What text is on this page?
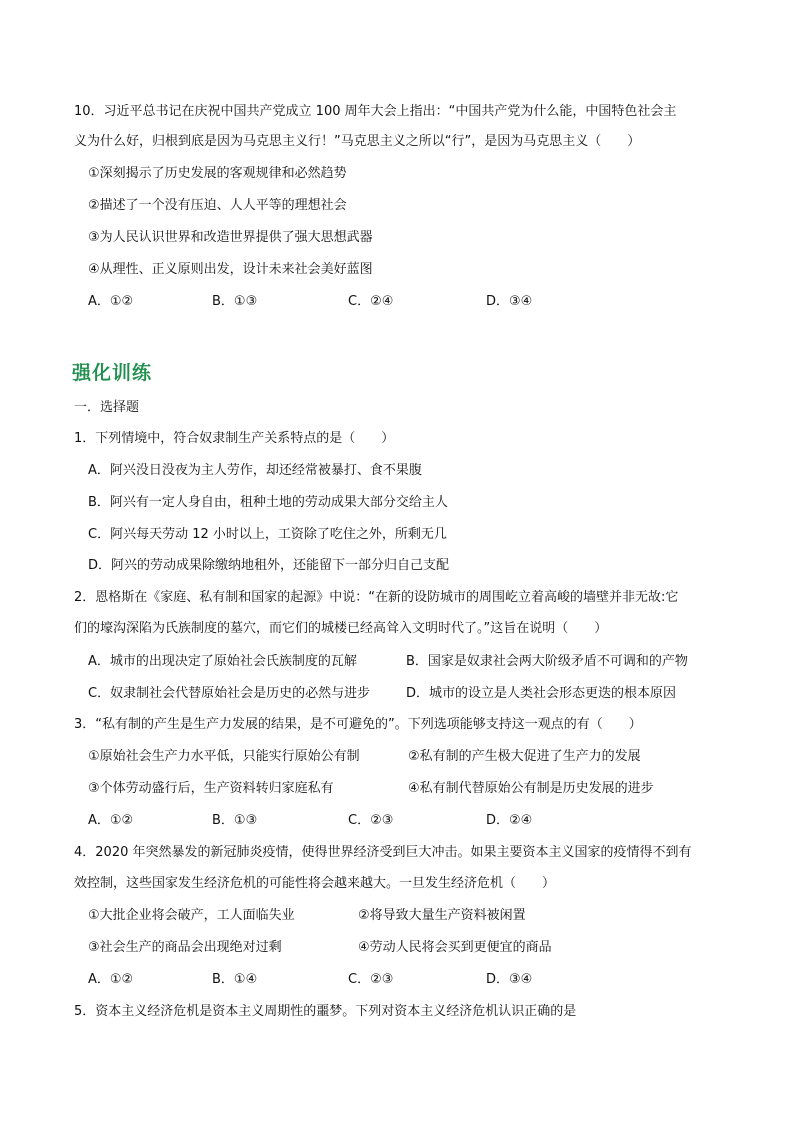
10．习近平总书记在庆祝中国共产党成立 100 周年大会上指出：“中国共产党为什么能，中国特色社会主
义为什么好，归根到底是因为马克思主义行！”马克思主义之所以“行”，是因为马克思主义（　　）
①深刻揭示了历史发展的客观规律和必然趋势
②描述了一个没有压迫、人人平等的理想社会
③为人民认识世界和改造世界提供了强大思想武器
④从理性、正义原则出发，设计未来社会美好蓝图
A．①②	B．①③	C．②④	D．③④
强化训练
一．选择题
1．下列情境中，符合奴隶制生产关系特点的是（　　）
A．阿兴没日没夜为主人劳作，却还经常被暴打、食不果腹
B．阿兴有一定人身自由，租种土地的劳动成果大部分交给主人
C．阿兴每天劳动 12 小时以上，工资除了吃住之外，所剩无几
D．阿兴的劳动成果除缴纳地租外，还能留下一部分归自己支配
2．恩格斯在《家庭、私有制和国家的起源》中说：“在新的设防城市的周围屹立着高峻的墙壁并非无故:它
们的壕沟深陷为氏族制度的墓穴，而它们的城楼已经高耸入文明时代了。”这旨在说明（　　）
A．城市的出现决定了原始社会氏族制度的瓦解	B．国家是奴隶社会两大阶级矛盾不可调和的产物
C．奴隶制社会代替原始社会是历史的必然与进步	D．城市的设立是人类社会形态更迭的根本原因
3．“私有制的产生是生产力发展的结果，是不可避免的”。下列选项能够支持这一观点的有（　　）
①原始社会生产力水平低，只能实行原始公有制	②私有制的产生极大促进了生产力的发展
③个体劳动盛行后，生产资料转归家庭私有	④私有制代替原始公有制是历史发展的进步
A．①②	B．①③	C．②③	D．②④
4．2020 年突然暴发的新冠肺炎疫情，使得世界经济受到巨大冲击。如果主要资本主义国家的疫情得不到有
效控制，这些国家发生经济危机的可能性将会越来越大。一旦发生经济危机（　　）
①大批企业将会破产，工人面临失业	②将导致大量生产资料被闲置
③社会生产的商品会出现绝对过剩	④劳动人民将会买到更便宜的商品
A．①②	B．①④	C．②③	D．③④
5．资本主义经济危机是资本主义周期性的噩梦。下列对资本主义经济危机认识正确的是
